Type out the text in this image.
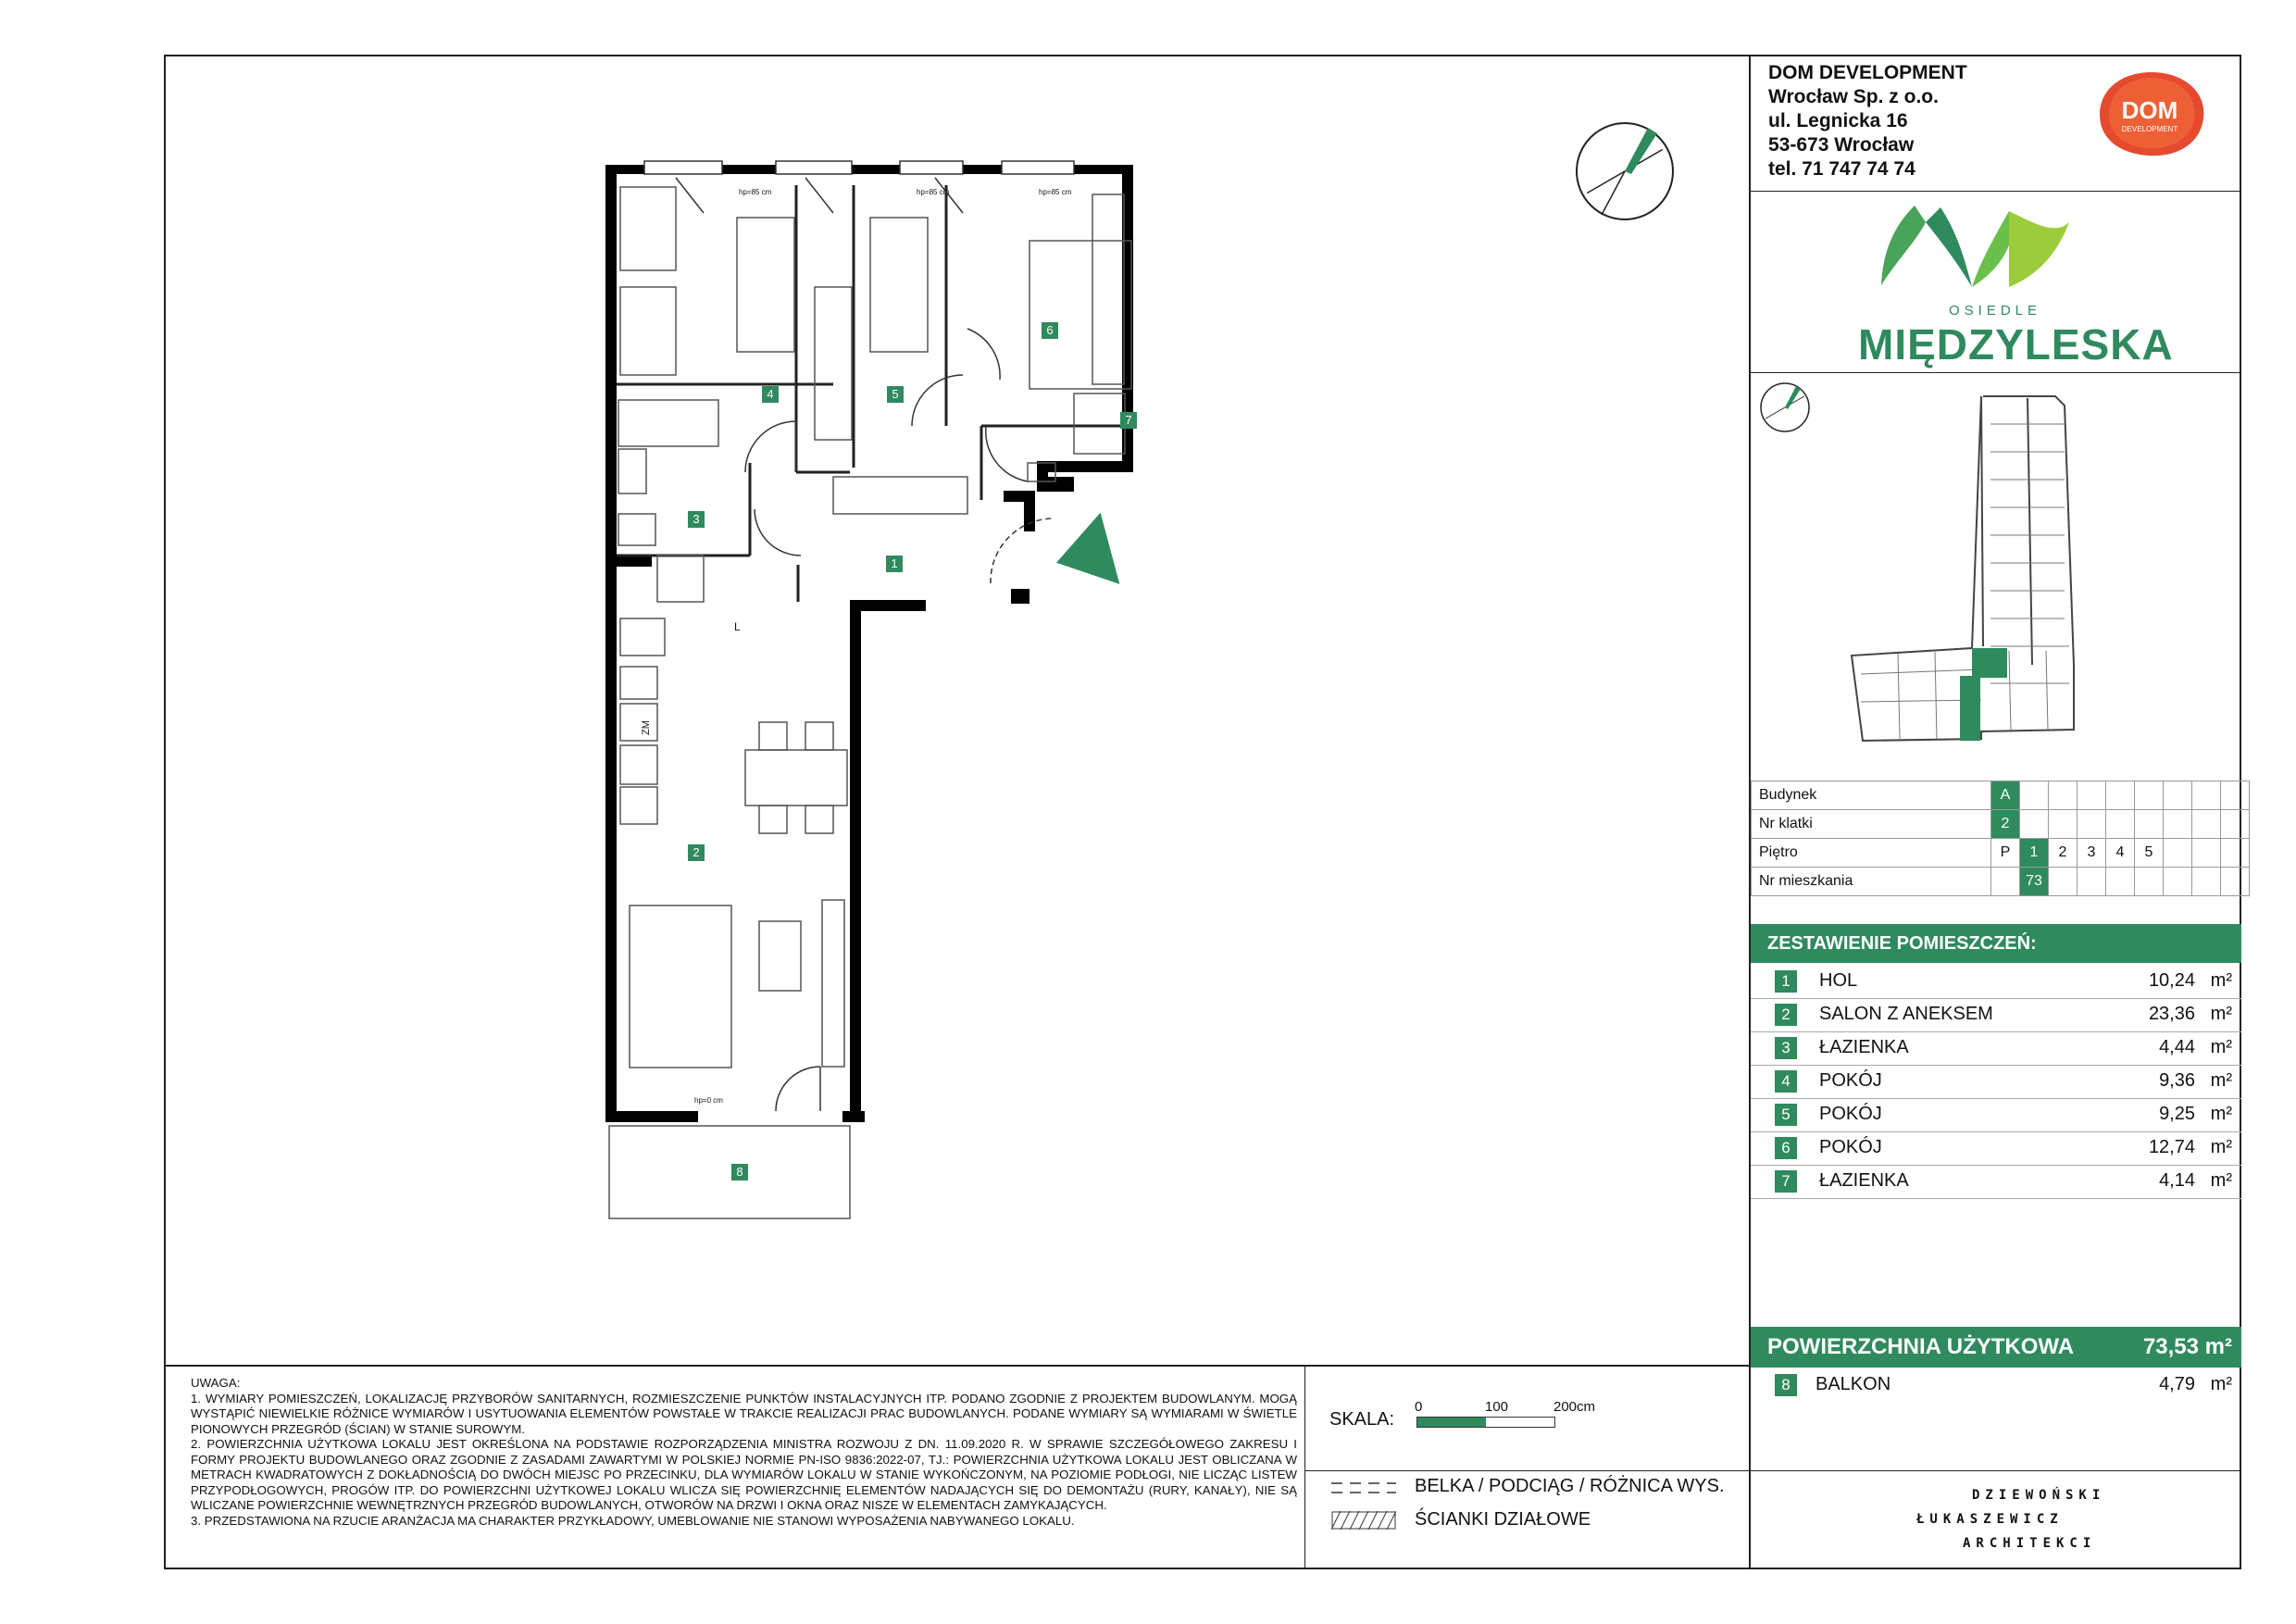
DOM DEVELOPMENT
Wrocław Sp. z o.o.
ul. Legnicka 16
53-673 Wrocław
tel. 71 747 74 74
DOM
DEVELOPMENT
OSIEDLE
MIĘDZYLESKA
Budynek	A								
Nr klatki	2								
Piętro	P	1	2	3	4	5			
Nr mieszkania		73							
ZESTAWIENIE POMIESZCZEŃ:
1	HOL	10,24 m²
2	SALON Z ANEKSEM	23,36 m²
3	ŁAZIENKA	4,44 m²
4	POKÓJ	9,36 m²
5	POKÓJ	9,25 m²
6	POKÓJ	12,74 m²
7	ŁAZIENKA	4,14 m²
POWIERZCHNIA UŻYTKOWA	73,53 m²
8	BALKON	4,79 m²

UWAGA:

1. WYMIARY POMIESZCZEŃ, LOKALIZACJĘ PRZYBORÓW SANITARNYCH, ROZMIESZCZENIE PUNKTÓW INSTALACYJNYCH ITP. PODANO ZGODNIE Z PROJEKTEM BUDOWLANYM. MOGĄ WYSTĄPIĆ NIEWIELKIE RÓŻNICE WYMIARÓW I USYTUOWANIA ELEMENTÓW POWSTAŁE W TRAKCIE REALIZACJI PRAC BUDOWLANYCH. PODANE WYMIARY SĄ WYMIARAMI W ŚWIETLE PIONOWYCH PRZEGRÓD (ŚCIAN) W STANIE SUROWYM.

2. POWIERZCHNIA UŻYTKOWA LOKALU JEST OKREŚLONA NA PODSTAWIE ROZPORZĄDZENIA MINISTRA ROZWOJU Z DN. 11.09.2020 R. W SPRAWIE SZCZEGÓŁOWEGO ZAKRESU I FORMY PROJEKTU BUDOWLANEGO ORAZ ZGODNIE Z ZASADAMI ZAWARTYMI W POLSKIEJ NORMIE PN-ISO 9836:2022-07, TJ.: POWIERZCHNIA UŻYTKOWA LOKALU JEST OBLICZANA W METRACH KWADRATOWYCH Z DOKŁADNOŚCIĄ DO DWÓCH MIEJSC PO PRZECINKU, DLA WYMIARÓW LOKALU W STANIE WYKOŃCZONYM, NA POZIOMIE PODŁOGI, NIE LICZĄC LISTEW PRZYPODŁOGOWYCH, PROGÓW ITP. DO POWIERZCHNI UŻYTKOWEJ LOKALU WLICZA SIĘ POWIERZCHNIĘ ELEMENTÓW NADAJĄCYCH SIĘ DO DEMONTAŻU (RURY, KANAŁY), NIE SĄ WLICZANE POWIERZCHNIE WEWNĘTRZNYCH PRZEGRÓD BUDOWLANYCH, OTWORÓW NA DRZWI I OKNA ORAZ NISZE W ELEMENTACH ZAMYKAJĄCYCH.

3. PRZEDSTAWIONA NA RZUCIE ARANŻACJA MA CHARAKTER PRZYKŁADOWY, UMEBLOWANIE NIE STANOWI WYPOSAŻENIA NABYWANEGO LOKALU.

SKALA:
0	100	200cm
BELKA / PODCIĄG / RÓŻNICA WYS.
ŚCIANKI DZIAŁOWE
DZIEWOŃSKI
ŁUKASZEWICZ
ARCHITEKCI
1
2
3
4	5
6
7
8
hp=85 cm	hp=85 cm	hp=85 cm
hp=0 cm
L
ZM
